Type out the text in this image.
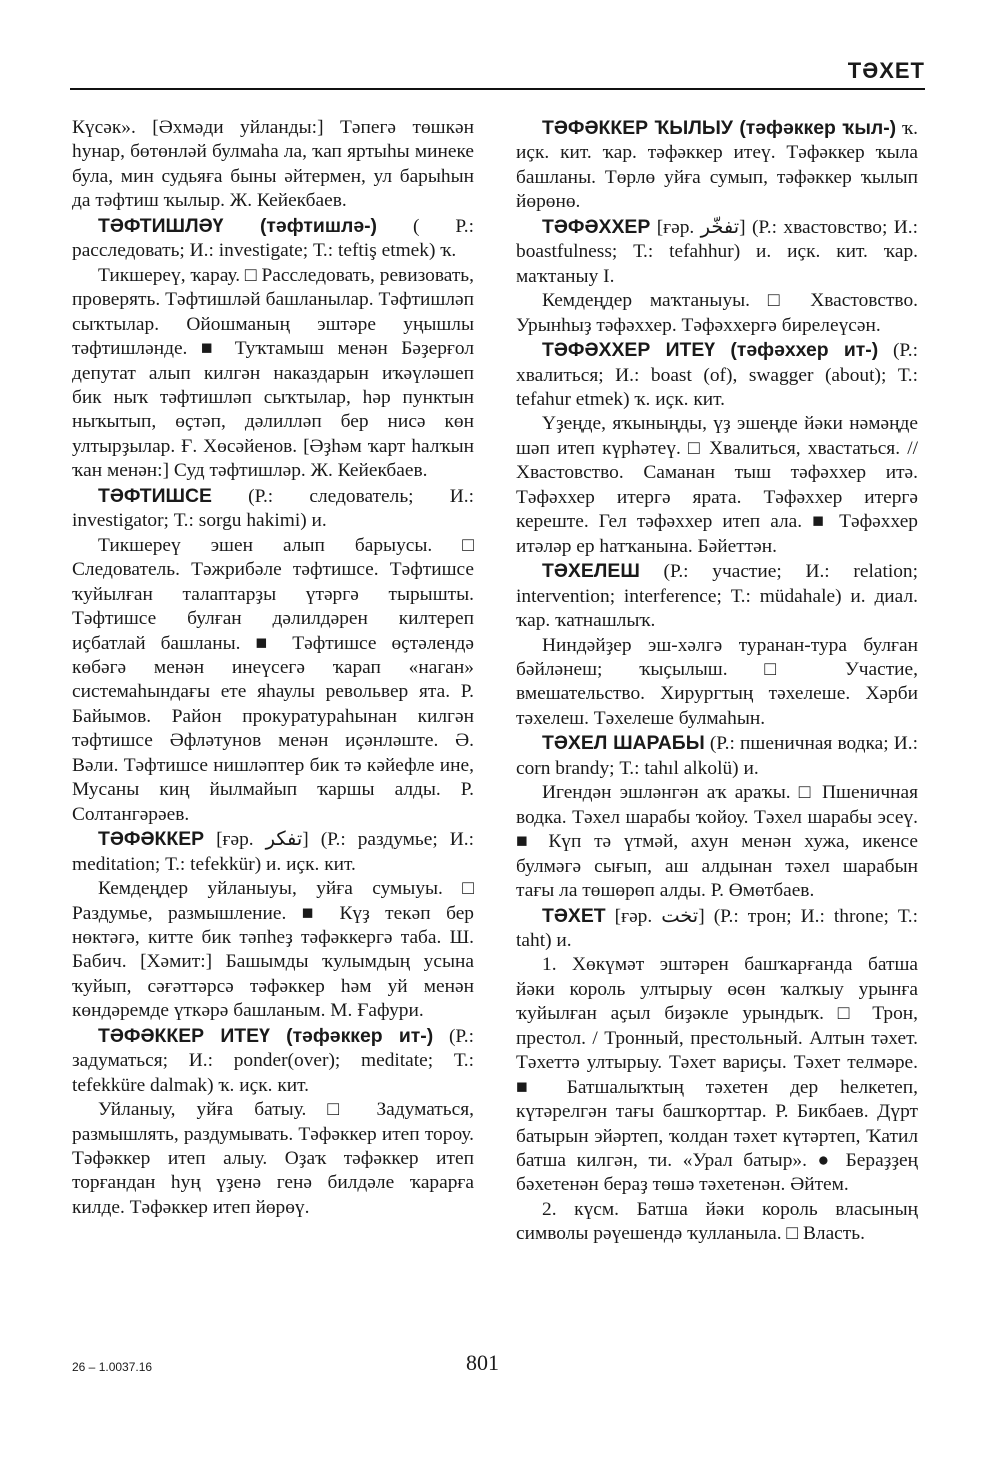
ТӘХЕТ

Күсәк». [Әхмәди уйланды:] Тәпегә төшкән һунар, бөтөнләй булмаһа ла, ҡап яртыһы минеке була, мин судьяға быны әйтермен, ул барыһын да тәфтиш ҡылыр. Ж. Кейекбаев.

ТӘФТИШЛӘҮ (тәфтишлә-) ( Р.: расследовать; И.: investigate; Т.: teftiş etmek) ҡ.

Тикшереү, ҡарау. □ Расследовать, ревизовать, проверять. Тәфтишләй башланылар. Тәфтишләп сыҡтылар. Ойошманың эштәре уңышлы тәфтишләнде. ■ Туҡтамыш менән Бәҙерғол депутат алып килгән наказдарын иҡәүләшеп бик ныҡ тәфтишләп сыҡтылар, һәр пунктын ныҡытып, өҫтәп, дәлилләп бер нисә көн ултырҙылар. Ғ. Хөсәйенов. [Әҙһәм ҡарт һалҡын ҡан менән:] Суд тәфтишләр. Ж. Кейекбаев.

ТӘФТИШСЕ (Р.: следователь; И.: investigator; Т.: sorgu hakimi) и.

Тикшереү эшен алып барыусы. □ Следователь. Тәжрибәле тәфтишсе. Тәфтишсе ҡуйылған талаптарҙы үтәргә тырышты. Тәфтишсе булған дәлилдәрен килтереп иҫбатлай башланы. ■ Тәфтишсе өҫтәлендә көбәгә менән инеүсегә ҡарап «наган» системаһындағы ете яһаулы револьвер ята. Р. Байымов. Район прокуратураһынан килгән тәфтишсе Әфләтунов менән иҫәнләште. Ә. Вәли. Тәфтишсе нишләптер бик тә кәйефле ине, Мусаны киң йылмайып ҡаршы алды. Р. Солтангәрәев.

ТӘФӘККЕР [ғәр. تفكر] (Р.: раздумье; И.: meditation; Т.: tefekkür) и. иҫк. кит.

Кемдеңдер уйланыуы, уйға сумыуы. □ Раздумье, размышление. ■ Күҙ текәп бер нөктәгә, китте бик тәпһеҙ тәфәккергә таба. Ш. Бабич. [Хәмит:] Башымды ҡулымдың усына ҡуйып, сәғәттәрсә тәфәккер һәм уй менән көндәремде үткәрә башланым. М. Ғафури.

ТӘФӘККЕР ИТЕҮ (тәфәккер ит-) (Р.: задуматься; И.: ponder(over); meditate; Т.: tefekküre dalmak) ҡ. иҫк. кит.

Уйланыу, уйға батыу. □ Задуматься, размышлять, раздумывать. Тәфәккер итеп тороу. Тәфәккер итеп алыу. Оҙаҡ тәфәккер итеп торғандан һуң үҙенә генә билдәле ҡарарға килде. Тәфәккер итеп йөрөү.

ТӘФӘККЕР ҠЫЛЫУ (тәфәккер ҡыл-) ҡ. иҫк. кит. ҡар. тәфәккер итеү. Тәфәккер ҡыла башланы. Төрлө уйға сумып, тәфәккер ҡылып йөрөнө.

ТӘФӘХХЕР [ғәр. تفخّر] (Р.: хвастовство; И.: boastfulness; Т.: tefahhur) и. иҫк. кит. ҡар. маҡтаныу I.

Кемдеңдер маҡтаныуы. □ Хвастовство. Урынһыҙ тәфәххер. Тәфәххергә бирелеүсән.

ТӘФӘХХЕР ИТЕҮ (тәфәххер ит-) (Р.: хвалиться; И.: boast (of), swagger (about); Т.: tefahur etmek) ҡ. иҫк. кит.

Үҙеңде, яҡыныңды, үҙ эшеңде йәки нәмәңде шәп итеп күрһәтеү. □ Хвалиться, хвастаться. // Хвастовство. Саманан тыш тәфәххер итә. Тәфәххер итергә ярата. Тәфәххер итергә кереште. Гел тәфәххер итеп ала. ■ Тәфәххер итәләр ер һатҡанына. Бәйеттән.

ТӘХЕЛЕШ (Р.: участие; И.: relation; intervention; interference; Т.: müdahale) и. диал. ҡар. ҡатнашлыҡ.

Ниндәйҙер эш-хәлгә туранан-тура булған бәйләнеш; ҡыҫылыш. □ Участие, вмешательство. Хирургтың тәхелеше. Хәрби тәхелеш. Тәхелеше булмаһын.

ТӘХЕЛ ШАРАБЫ (Р.: пшеничная водка; И.: corn brandy; Т.: tahıl alkolü) и.

Игендән эшләнгән аҡ араҡы. □ Пшеничная водка. Тәхел шарабы ҡойоу. Тәхел шарабы эсеү. ■ Күп тә үтмәй, ахун менән хужа, икенсе булмәгә сығып, аш алдынан тәхел шарабын тағы ла төшөрөп алды. Р. Өмөтбаев.

ТӘХЕТ [ғәр. تخت] (Р.: трон; И.: throne; Т.: taht) и.

1. Хөкүмәт эштәрен башҡарғанда батша йәки король ултырыу өсөн ҡалҡыу урынға ҡуйылған аҫыл биҙәкле урындыҡ. □ Трон, престол. / Тронный, престольный. Алтын тәхет. Тәхеттә ултырыу. Тәхет вариҫы. Тәхет телмәре. ■ Батшалыҡтың тәхетен дер һелкетеп, күтәрелгән тағы башҡорттар. Р. Бикбаев. Дүрт батырын эйәртеп, ҡолдан тәхет күтәртеп, Ҡатил батша килгән, ти. «Урал батыр». ● Бераҙҙең бәхетенән бераҙ төшә тәхетенән. Әйтем.

2. күсм. Батша йәки король власының символы рәүешендә ҡулланыла. □ Власть.

26 – 1.0037.16	801
